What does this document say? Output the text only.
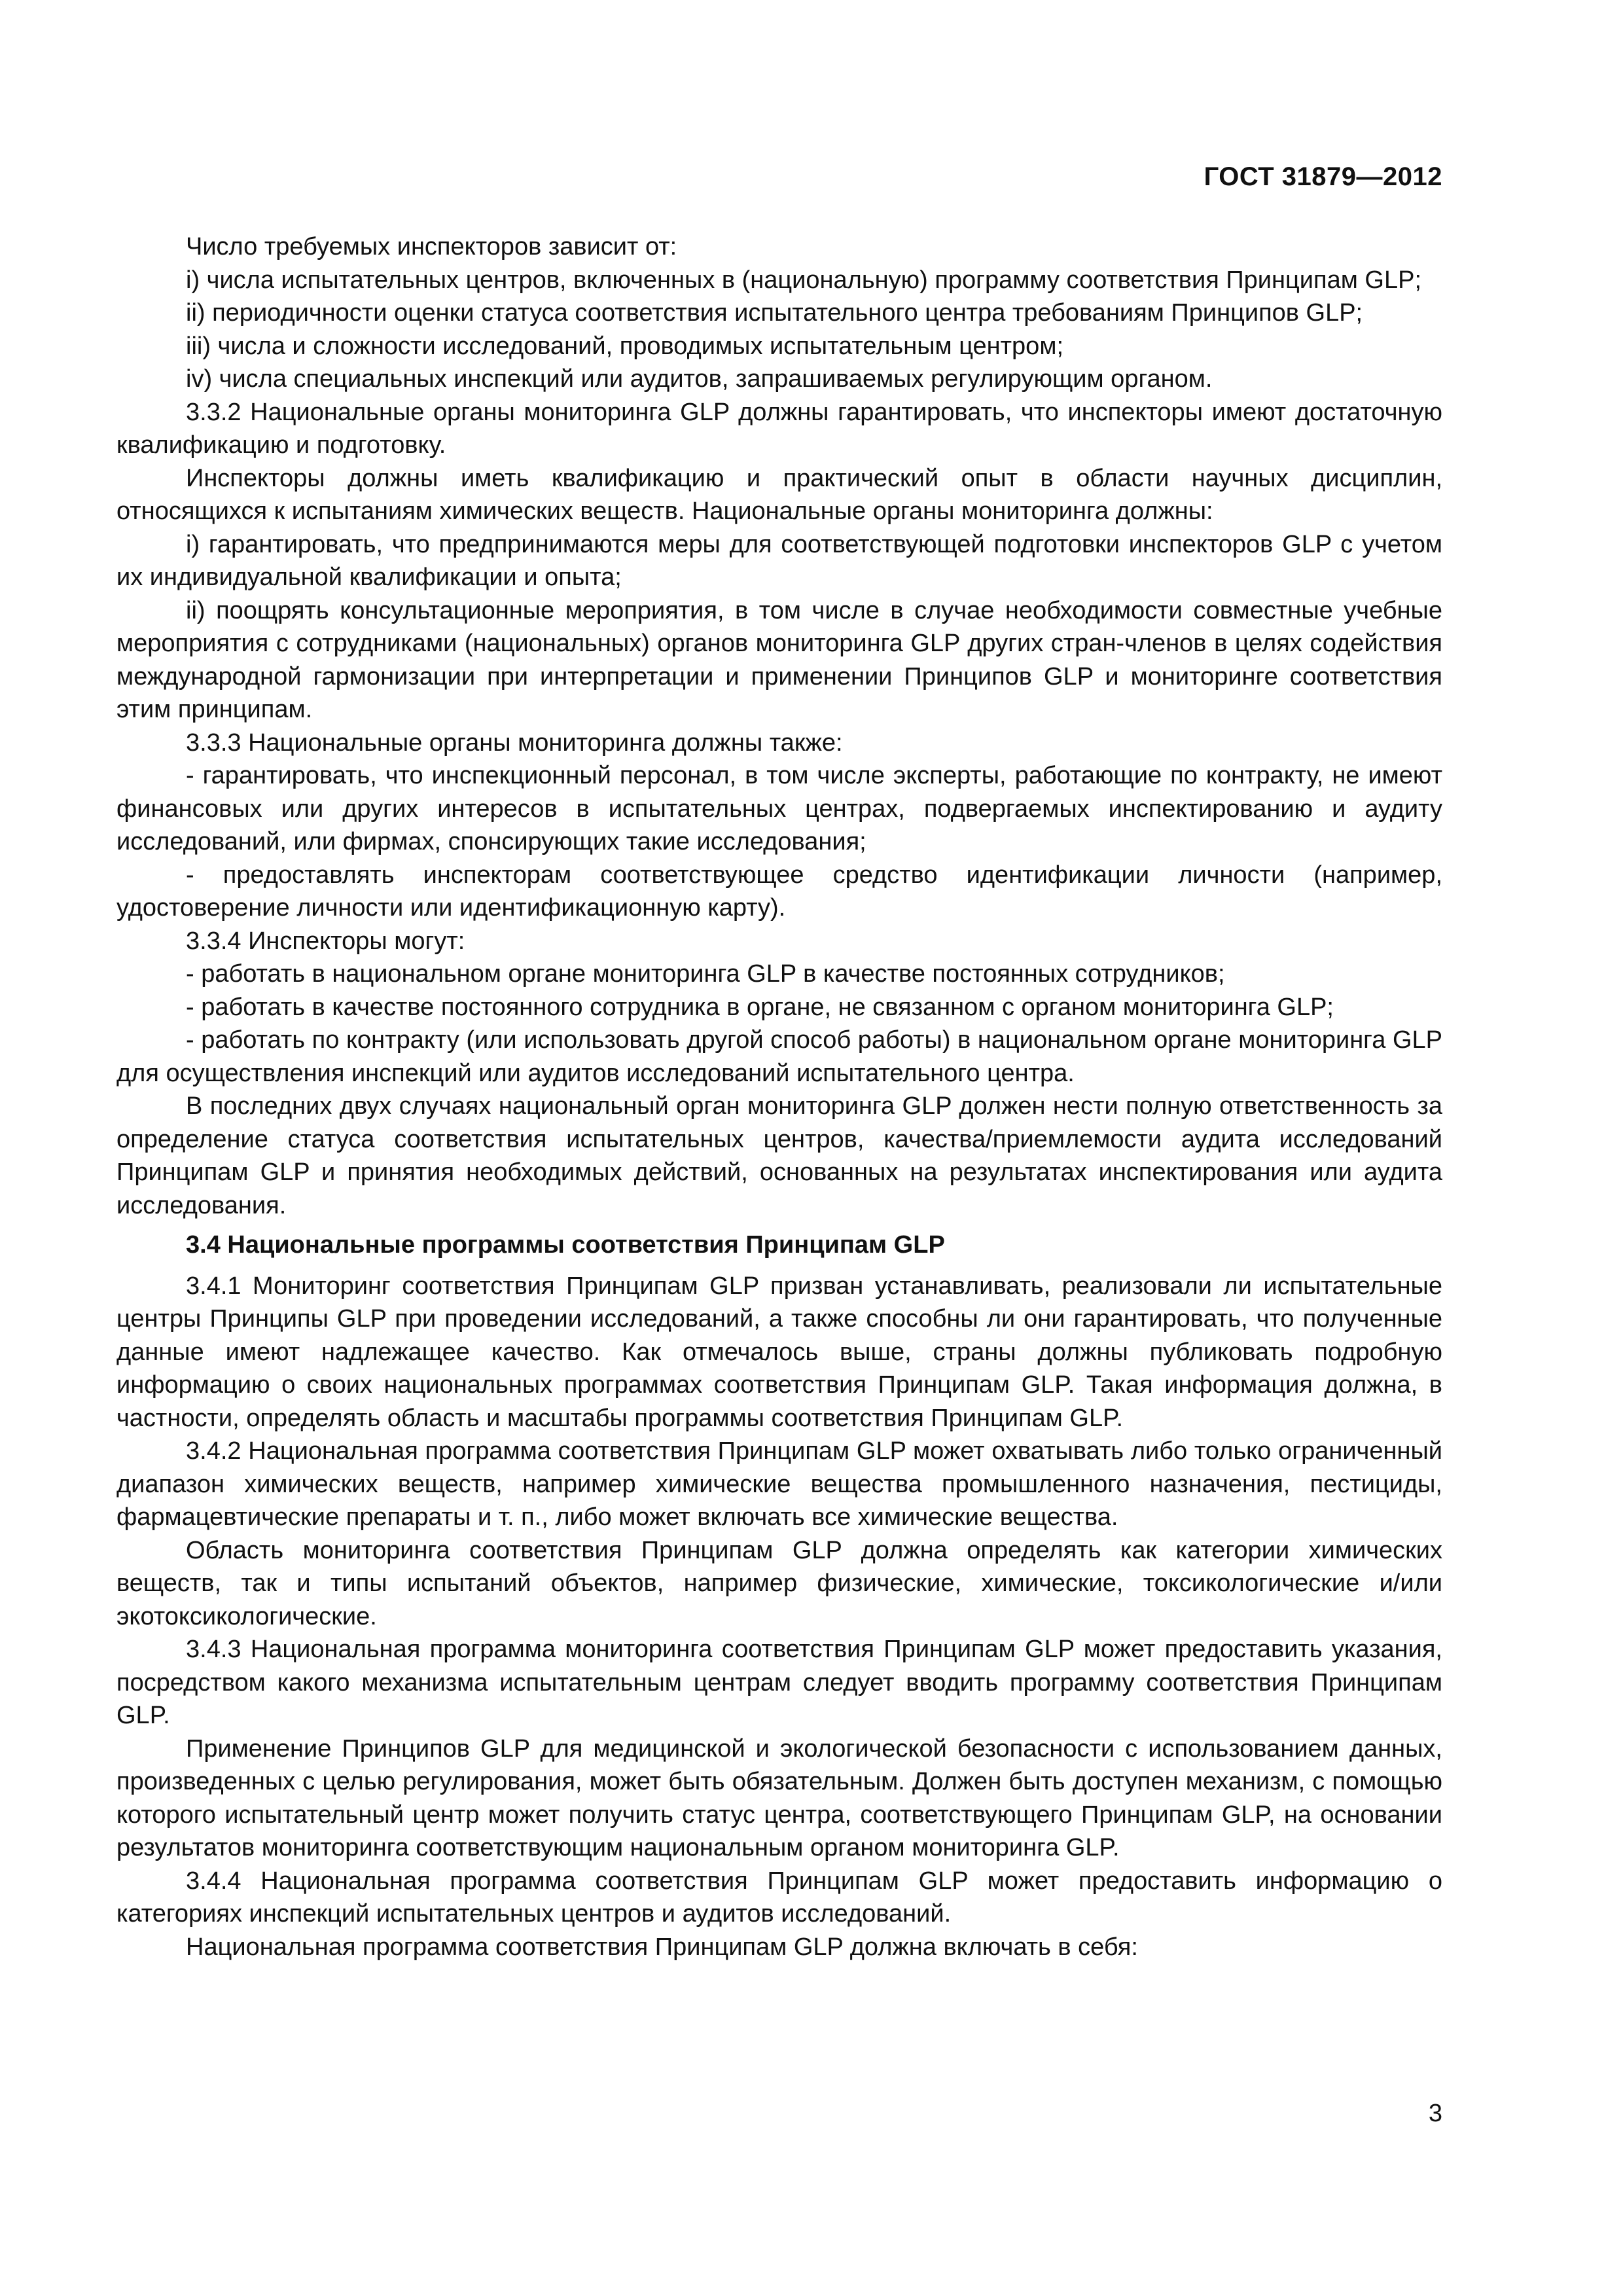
ГОСТ 31879—2012

Число требуемых инспекторов зависит от:

i) числа испытательных центров, включенных в (национальную) программу соответствия Принципам GLP;

ii) периодичности оценки статуса соответствия испытательного центра требованиям Принципов GLP;

iii) числа и сложности исследований, проводимых испытательным центром;

iv) числа специальных инспекций или аудитов, запрашиваемых регулирующим органом.

3.3.2 Национальные органы мониторинга GLP должны гарантировать, что инспекторы имеют достаточную квалификацию и подготовку.

Инспекторы должны иметь квалификацию и практический опыт в области научных дисциплин, относящихся к испытаниям химических веществ. Национальные органы мониторинга должны:

i) гарантировать, что предпринимаются меры для соответствующей подготовки инспекторов GLP с учетом их индивидуальной квалификации и опыта;

ii) поощрять консультационные мероприятия, в том числе в случае необходимости совместные учебные мероприятия с сотрудниками (национальных) органов мониторинга GLP других стран-членов в целях содействия международной гармонизации при интерпретации и применении Принципов GLP и мониторинге соответствия этим принципам.

3.3.3 Национальные органы мониторинга должны также:

- гарантировать, что инспекционный персонал, в том числе эксперты, работающие по контракту, не имеют финансовых или других интересов в испытательных центрах, подвергаемых инспектированию и аудиту исследований, или фирмах, спонсирующих такие исследования;

- предоставлять инспекторам соответствующее средство идентификации личности (например, удостоверение личности или идентификационную карту).

3.3.4 Инспекторы могут:

- работать в национальном органе мониторинга GLP в качестве постоянных сотрудников;

- работать в качестве постоянного сотрудника в органе, не связанном с органом мониторинга GLP;

- работать по контракту (или использовать другой способ работы) в национальном органе мониторинга GLP для осуществления инспекций или аудитов исследований испытательного центра.

В последних двух случаях национальный орган мониторинга GLP должен нести полную ответственность за определение статуса соответствия испытательных центров, качества/приемлемости аудита исследований Принципам GLP и принятия необходимых действий, основанных на результатах инспектирования или аудита исследования.

3.4 Национальные программы соответствия Принципам GLP

3.4.1 Мониторинг соответствия Принципам GLP призван устанавливать, реализовали ли испытательные центры Принципы GLP при проведении исследований, а также способны ли они гарантировать, что полученные данные имеют надлежащее качество. Как отмечалось выше, страны должны публиковать подробную информацию о своих национальных программах соответствия Принципам GLP. Такая информация должна, в частности, определять область и масштабы программы соответствия Принципам GLP.

3.4.2 Национальная программа соответствия Принципам GLP может охватывать либо только ограниченный диапазон химических веществ, например химические вещества промышленного назначения, пестициды, фармацевтические препараты и т. п., либо может включать все химические вещества.

Область мониторинга соответствия Принципам GLP должна определять как категории химических веществ, так и типы испытаний объектов, например физические, химические, токсикологические и/или экотоксикологические.

3.4.3 Национальная программа мониторинга соответствия Принципам GLP может предоставить указания, посредством какого механизма испытательным центрам следует вводить программу соответствия Принципам GLP.

Применение Принципов GLP для медицинской и экологической безопасности с использованием данных, произведенных с целью регулирования, может быть обязательным. Должен быть доступен механизм, с помощью которого испытательный центр может получить статус центра, соответствующего Принципам GLP, на основании результатов мониторинга соответствующим национальным органом мониторинга GLP.

3.4.4 Национальная программа соответствия Принципам GLP может предоставить информацию о категориях инспекций испытательных центров и аудитов исследований.

Национальная программа соответствия Принципам GLP должна включать в себя:

3
